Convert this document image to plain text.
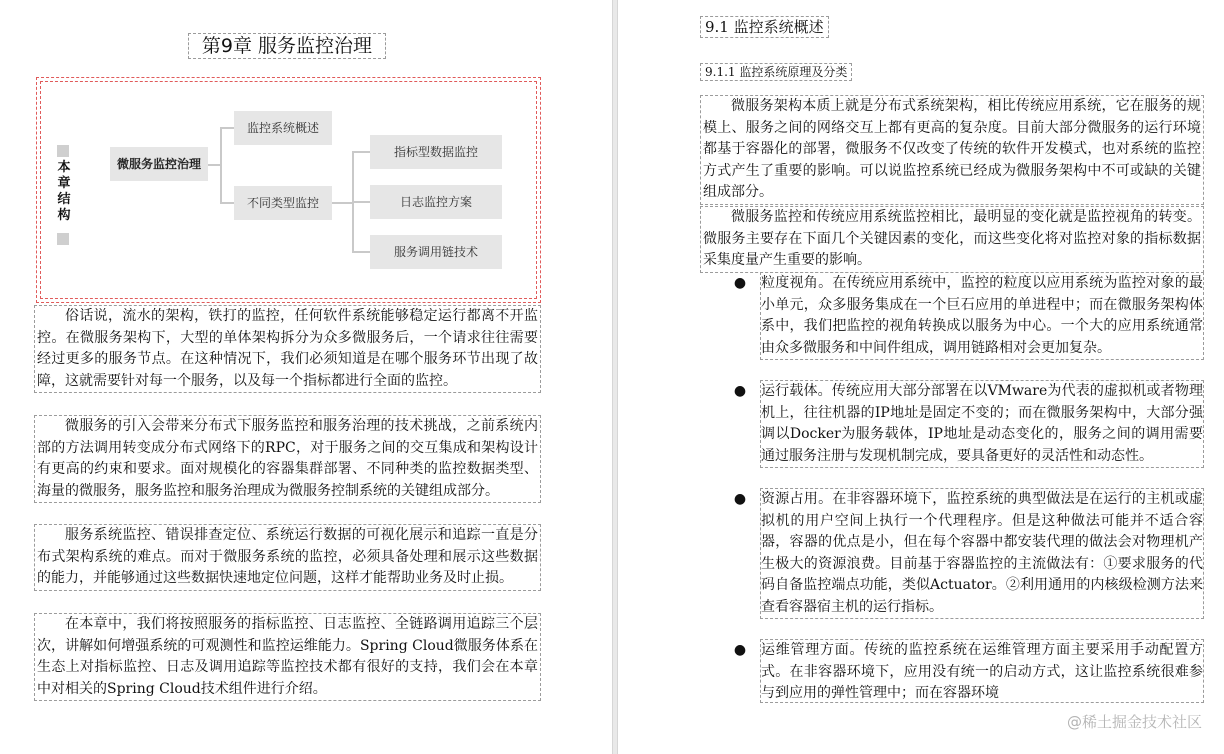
第9章 服务监控治理
本章结构
微服务监控治理
监控系统概述
不同类型监控
指标型数据监控
日志监控方案
服务调用链技术

俗话说，流水的架构，铁打的监控，任何软件系统能够稳定运行都离不开监控。在微服务架构下，大型的单体架构拆分为众多微服务后，一个请求往往需要经过更多的服务节点。在这种情况下，我们必须知道是在哪个服务环节出现了故障，这就需要针对每一个服务，以及每一个指标都进行全面的监控。

微服务的引入会带来分布式下服务监控和服务治理的技术挑战，之前系统内部的方法调用转变成分布式网络下的RPC，对于服务之间的交互集成和架构设计有更高的约束和要求。面对规模化的容器集群部署、不同种类的监控数据类型、海量的微服务，服务监控和服务治理成为微服务控制系统的关键组成部分。

服务系统监控、错误排查定位、系统运行数据的可视化展示和追踪一直是分布式架构系统的难点。而对于微服务系统的监控，必须具备处理和展示这些数据的能力，并能够通过这些数据快速地定位问题，这样才能帮助业务及时止损。

在本章中，我们将按照服务的指标监控、日志监控、全链路调用追踪三个层次，讲解如何增强系统的可观测性和监控运维能力。Spring Cloud微服务体系在生态上对指标监控、日志及调用追踪等监控技术都有很好的支持，我们会在本章中对相关的Spring Cloud技术组件进行介绍。

9.1 监控系统概述
9.1.1 监控系统原理及分类

微服务架构本质上就是分布式系统架构，相比传统应用系统，它在服务的规模上、服务之间的网络交互上都有更高的复杂度。目前大部分微服务的运行环境都基于容器化的部署，微服务不仅改变了传统的软件开发模式，也对系统的监控方式产生了重要的影响。可以说监控系统已经成为微服务架构中不可或缺的关键组成部分。

微服务监控和传统应用系统监控相比，最明显的变化就是监控视角的转变。微服务主要存在下面几个关键因素的变化，而这些变化将对监控对象的指标数据采集度量产生重要的影响。

● 粒度视角。在传统应用系统中，监控的粒度以应用系统为监控对象的最小单元，众多服务集成在一个巨石应用的单进程中；而在微服务架构体系中，我们把监控的视角转换成以服务为中心。一个大的应用系统通常由众多微服务和中间件组成，调用链路相对会更加复杂。
● 运行载体。传统应用大部分部署在以VMware为代表的虚拟机或者物理机上，往往机器的IP地址是固定不变的；而在微服务架构中，大部分强调以Docker为服务载体，IP地址是动态变化的，服务之间的调用需要通过服务注册与发现机制完成，要具备更好的灵活性和动态性。
● 资源占用。在非容器环境下，监控系统的典型做法是在运行的主机或虚拟机的用户空间上执行一个代理程序。但是这种做法可能并不适合容器，容器的优点是小，但在每个容器中都安装代理的做法会对物理机产生极大的资源浪费。目前基于容器监控的主流做法有：①要求服务的代码自备监控端点功能，类似Actuator。②利用通用的内核级检测方法来查看容器宿主机的运行指标。
● 运维管理方面。传统的监控系统在运维管理方面主要采用手动配置方式。在非容器环境下，应用没有统一的启动方式，这让监控系统很难参与到应用的弹性管理中；而在容器环境
@稀土掘金技术社区
